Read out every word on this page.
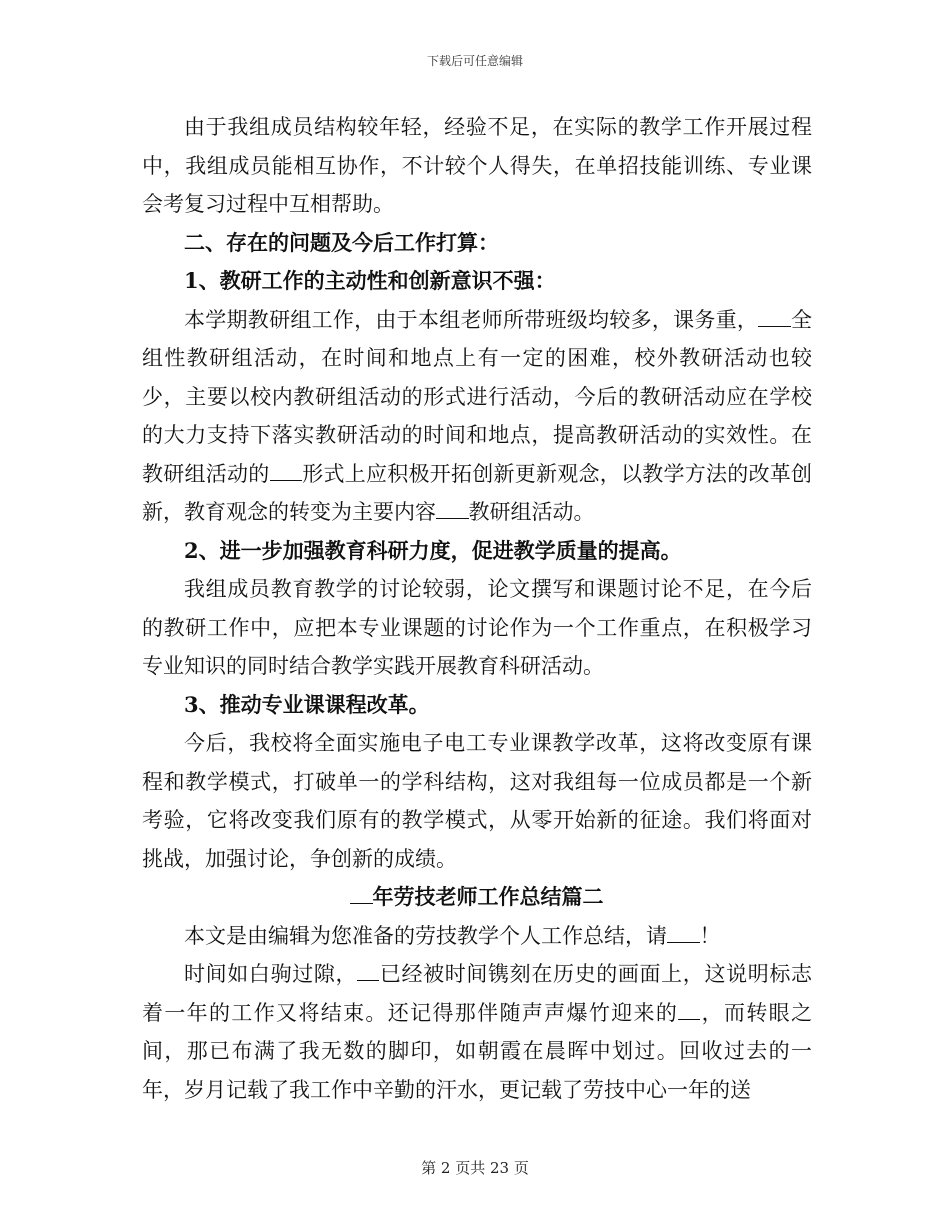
下载后可任意编辑

由于我组成员结构较年轻，经验不足，在实际的教学工作开展过程中，我组成员能相互协作，不计较个人得失，在单招技能训练、专业课会考复习过程中互相帮助。

二、存在的问题及今后工作打算：

1、教研工作的主动性和创新意识不强：

本学期教研组工作，由于本组老师所带班级均较多，课务重， 全组性教研组活动，在时间和地点上有一定的困难，校外教研活动也较少，主要以校内教研组活动的形式进行活动，今后的教研活动应在学校的大力支持下落实教研活动的时间和地点，提高教研活动的实效性。在教研组活动的 形式上应积极开拓创新更新观念，以教学方法的改革创新，教育观念的转变为主要内容 教研组活动。

2、进一步加强教育科研力度，促进教学质量的提高。

我组成员教育教学的讨论较弱，论文撰写和课题讨论不足，在今后的教研工作中，应把本专业课题的讨论作为一个工作重点，在积极学习专业知识的同时结合教学实践开展教育科研活动。

3、推动专业课课程改革。

今后，我校将全面实施电子电工专业课教学改革，这将改变原有课程和教学模式，打破单一的学科结构，这对我组每一位成员都是一个新考验，它将改变我们原有的教学模式，从零开始新的征途。我们将面对挑战，加强讨论，争创新的成绩。

年劳技老师工作总结篇二

本文是由编辑为您准备的劳技教学个人工作总结，请 ！

时间如白驹过隙， 已经被时间镌刻在历史的画面上，这说明标志着一年的工作又将结束。还记得那伴随声声爆竹迎来的 ，而转眼之间，那已布满了我无数的脚印，如朝霞在晨晖中划过。回收过去的一年，岁月记载了我工作中辛勤的汗水，更记载了劳技中心一年的送

第 2 页共 23 页
